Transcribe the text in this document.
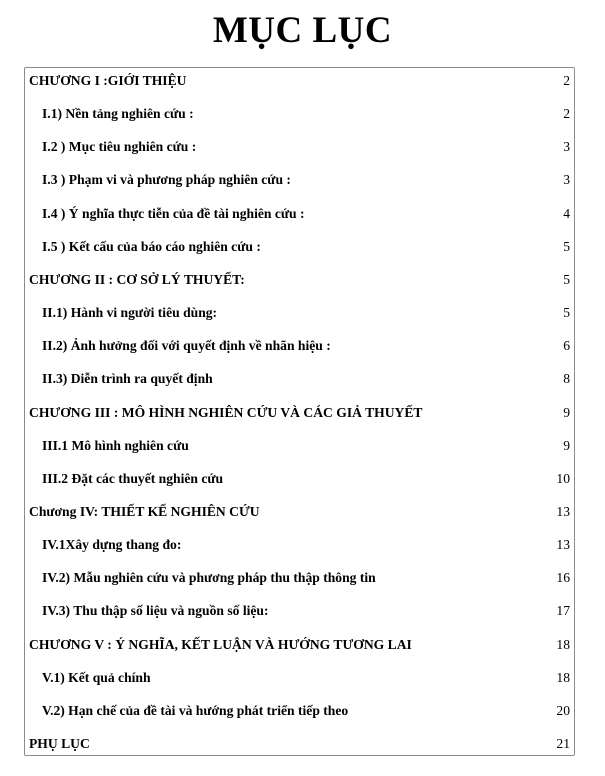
MỤC LỤC
CHƯƠNG I :GIỚI THIỆU	2
I.1) Nền tảng nghiên cứu :	2
I.2 ) Mục tiêu nghiên cứu :	3
I.3 ) Phạm vi và phương pháp nghiên cứu :	3
I.4 ) Ý nghĩa thực tiễn của đề tài nghiên cứu :	4
I.5 ) Kết cấu của báo cáo nghiên cứu :	5
CHƯƠNG II : CƠ SỞ LÝ THUYẾT:	5
II.1) Hành vi người tiêu dùng:	5
II.2) Ảnh hưởng đối với quyết định về nhãn hiệu :	6
II.3) Diễn trình ra quyết định	8
CHƯƠNG III : MÔ HÌNH NGHIÊN CỨU VÀ CÁC GIẢ THUYẾT	9
III.1 Mô hình nghiên cứu	9
III.2 Đặt các thuyết nghiên cứu	10
Chương IV: THIẾT KẾ NGHIÊN CỨU	13
IV.1Xây dựng thang đo:	13
IV.2) Mẫu nghiên cứu và phương pháp thu thập thông tin	16
IV.3) Thu thập số liệu và nguồn số liệu:	17
CHƯƠNG V : Ý NGHĨA, KẾT LUẬN VÀ HƯỚNG TƯƠNG LAI	18
V.1) Kết quả chính	18
V.2) Hạn chế của đề tài và hướng phát triển tiếp theo	20
PHỤ LỤC	21
